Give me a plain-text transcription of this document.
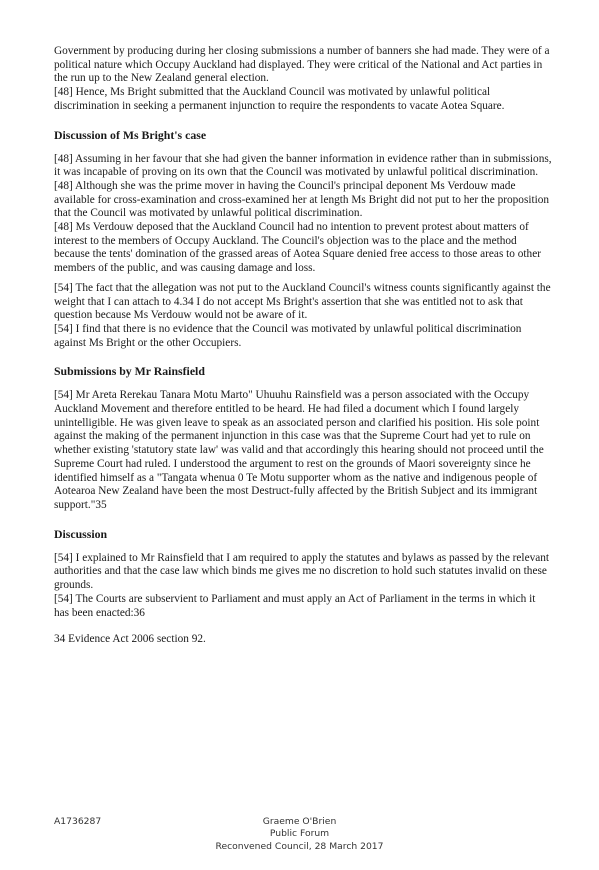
Government by producing during her closing submissions a number of banners she had made. They were of a political nature which Occupy Auckland had displayed. They were critical of the National and Act parties in the run up to the New Zealand general election.

[48] Hence, Ms Bright submitted that the Auckland Council was motivated by unlawful political discrimination in seeking a permanent injunction to require the respondents to vacate Aotea Square.

Discussion of Ms Bright's case

[48] Assuming in her favour that she had given the banner information in evidence rather than in submissions, it was incapable of proving on its own that the Council was motivated by unlawful political discrimination.

[48] Although she was the prime mover in having the Council's principal deponent Ms Verdouw made available for cross-examination and cross-examined her at length Ms Bright did not put to her the proposition that the Council was motivated by unlawful political discrimination.

[48] Ms Verdouw deposed that the Auckland Council had no intention to prevent protest about matters of interest to the members of Occupy Auckland. The Council's objection was to the place and the method because the tents' domination of the grassed areas of Aotea Square denied free access to those areas to other members of the public, and was causing damage and loss.

[54] The fact that the allegation was not put to the Auckland Council's witness counts significantly against the weight that I can attach to 4.34 I do not accept Ms Bright's assertion that she was entitled not to ask that question because Ms Verdouw would not be aware of it.

[54] I find that there is no evidence that the Council was motivated by unlawful political discrimination against Ms Bright or the other Occupiers.

Submissions by Mr Rainsfield

[54] Mr Areta Rerekau Tanara Motu Marto" Uhuuhu Rainsfield was a person associated with the Occupy Auckland Movement and therefore entitled to be heard. He had filed a document which I found largely unintelligible. He was given leave to speak as an associated person and clarified his position. His sole point against the making of the permanent injunction in this case was that the Supreme Court had yet to rule on whether existing 'statutory state law' was valid and that accordingly this hearing should not proceed until the Supreme Court had ruled. I understood the argument to rest on the grounds of Maori sovereignty since he identified himself as a "Tangata whenua 0 Te Motu supporter whom as the native and indigenous people of Aotearoa New Zealand have been the most Destruct-fully affected by the British Subject and its immigrant support."35

Discussion

[54] I explained to Mr Rainsfield that I am required to apply the statutes and bylaws as passed by the relevant authorities and that the case law which binds me gives me no discretion to hold such statutes invalid on these grounds.

[54] The Courts are subservient to Parliament and must apply an Act of Parliament in the terms in which it has been enacted:36

34 Evidence Act 2006 section 92.

A1736287	Graeme O'Brien
Public Forum
Reconvened Council, 28 March 2017
